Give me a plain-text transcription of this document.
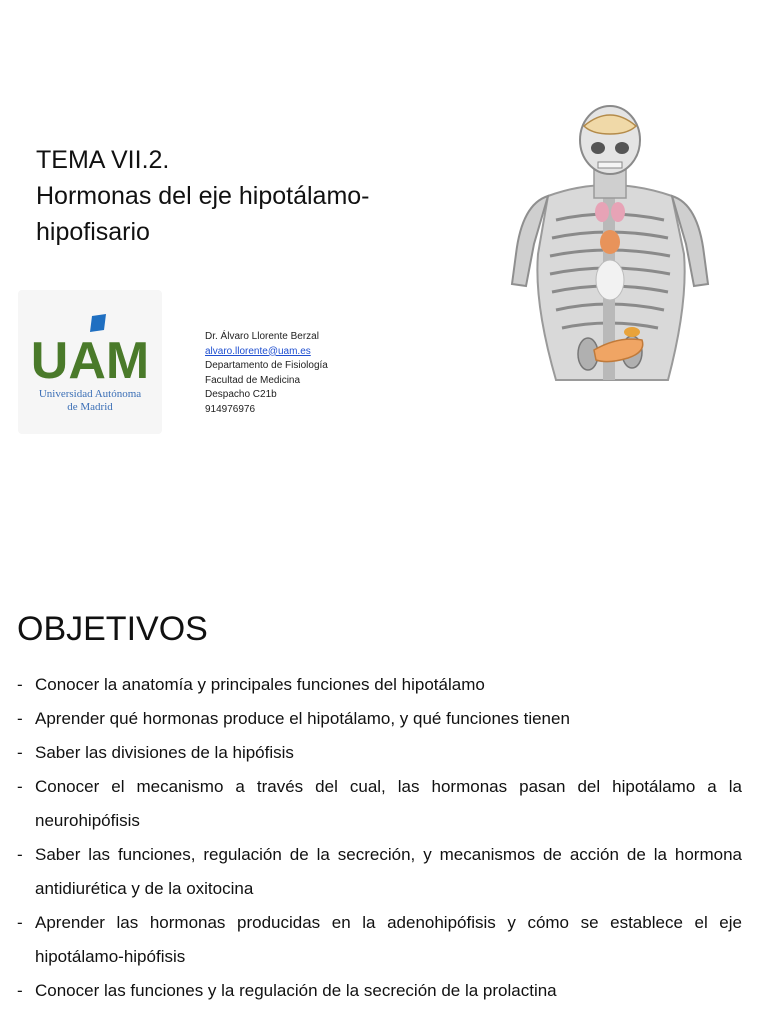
TEMA VII.2.
Hormonas del eje hipotálamo-
hipofisario
UAM
Universidad Autónoma
de Madrid
Dr. Álvaro Llorente Berzal
alvaro.llorente@uam.es
Departamento de Fisiología
Facultad de Medicina
Despacho C21b
914976976
OBJETIVOS
- Conocer la anatomía y principales funciones del hipotálamo
- Aprender qué hormonas produce el hipotálamo, y qué funciones tienen
- Saber las divisiones de la hipófisis
- Conocer el mecanismo a través del cual, las hormonas pasan del hipotálamo a la neurohipófisis
- Saber las funciones, regulación de la secreción, y mecanismos de acción de la hormona antidiurética y de la oxitocina
- Aprender las hormonas producidas en la adenohipófisis y cómo se establece el eje hipotálamo-hipófisis
- Conocer las funciones y la regulación de la secreción de la prolactina
